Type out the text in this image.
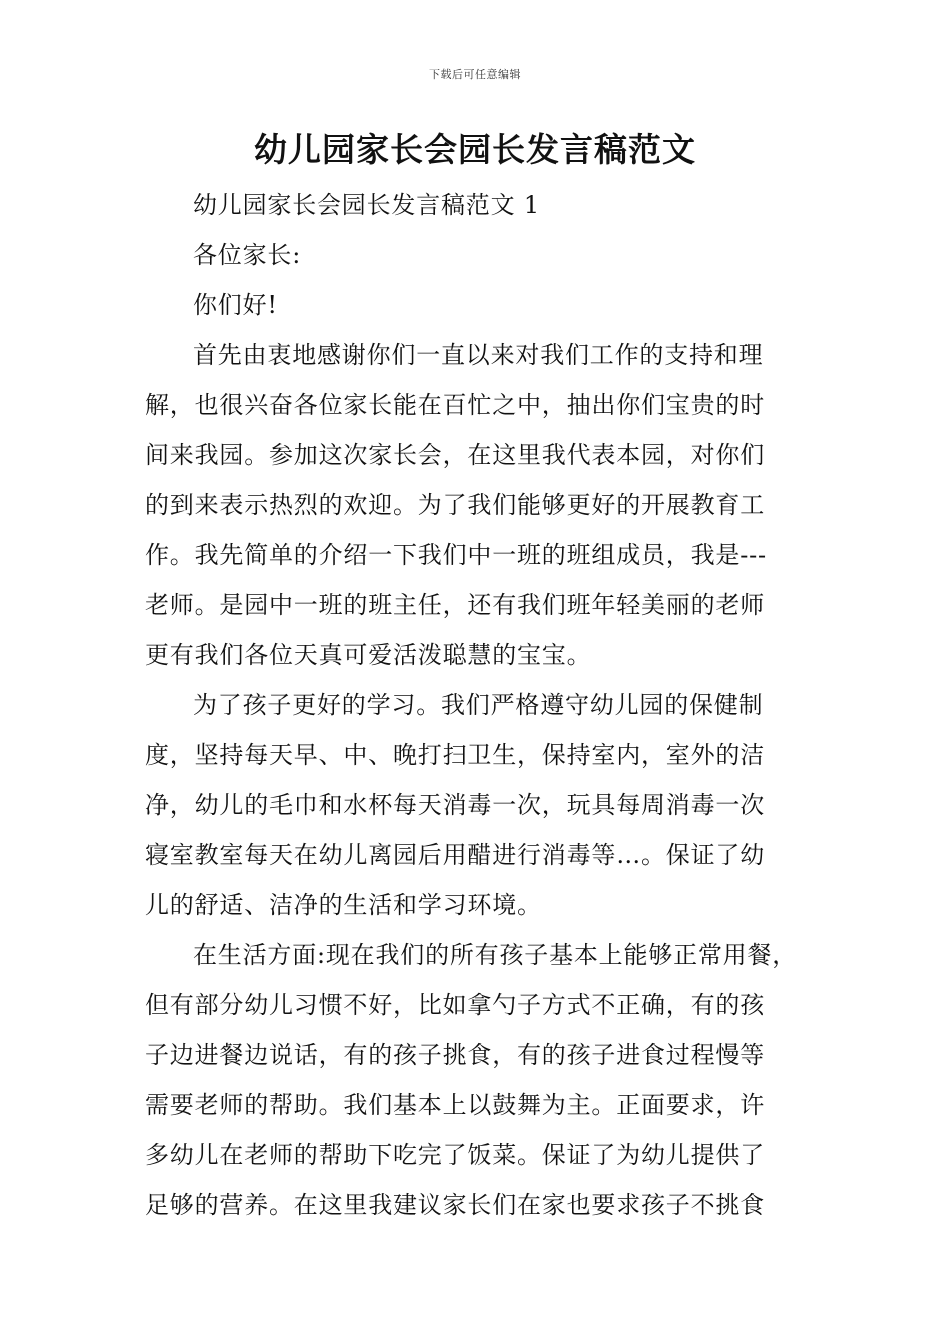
下载后可任意编辑
幼儿园家长会园长发言稿范文

幼儿园家长会园长发言稿范文 1

各位家长:

你们好!

首先由衷地感谢你们一直以来对我们工作的支持和理
解，也很兴奋各位家长能在百忙之中，抽出你们宝贵的时
间来我园。参加这次家长会，在这里我代表本园，对你们
的到来表示热烈的欢迎。为了我们能够更好的开展教育工
作。我先简单的介绍一下我们中一班的班组成员，我是---
老师。是园中一班的班主任，还有我们班年轻美丽的老师
更有我们各位天真可爱活泼聪慧的宝宝。

为了孩子更好的学习。我们严格遵守幼儿园的保健制
度，坚持每天早、中、晚打扫卫生，保持室内，室外的洁
净，幼儿的毛巾和水杯每天消毒一次，玩具每周消毒一次
寝室教室每天在幼儿离园后用醋进行消毒等…。保证了幼
儿的舒适、洁净的生活和学习环境。

在生活方面:现在我们的所有孩子基本上能够正常用餐，
但有部分幼儿习惯不好，比如拿勺子方式不正确，有的孩
子边进餐边说话，有的孩子挑食，有的孩子进食过程慢等
需要老师的帮助。我们基本上以鼓舞为主。正面要求，许
多幼儿在老师的帮助下吃完了饭菜。保证了为幼儿提供了
足够的营养。在这里我建议家长们在家也要求孩子不挑食
